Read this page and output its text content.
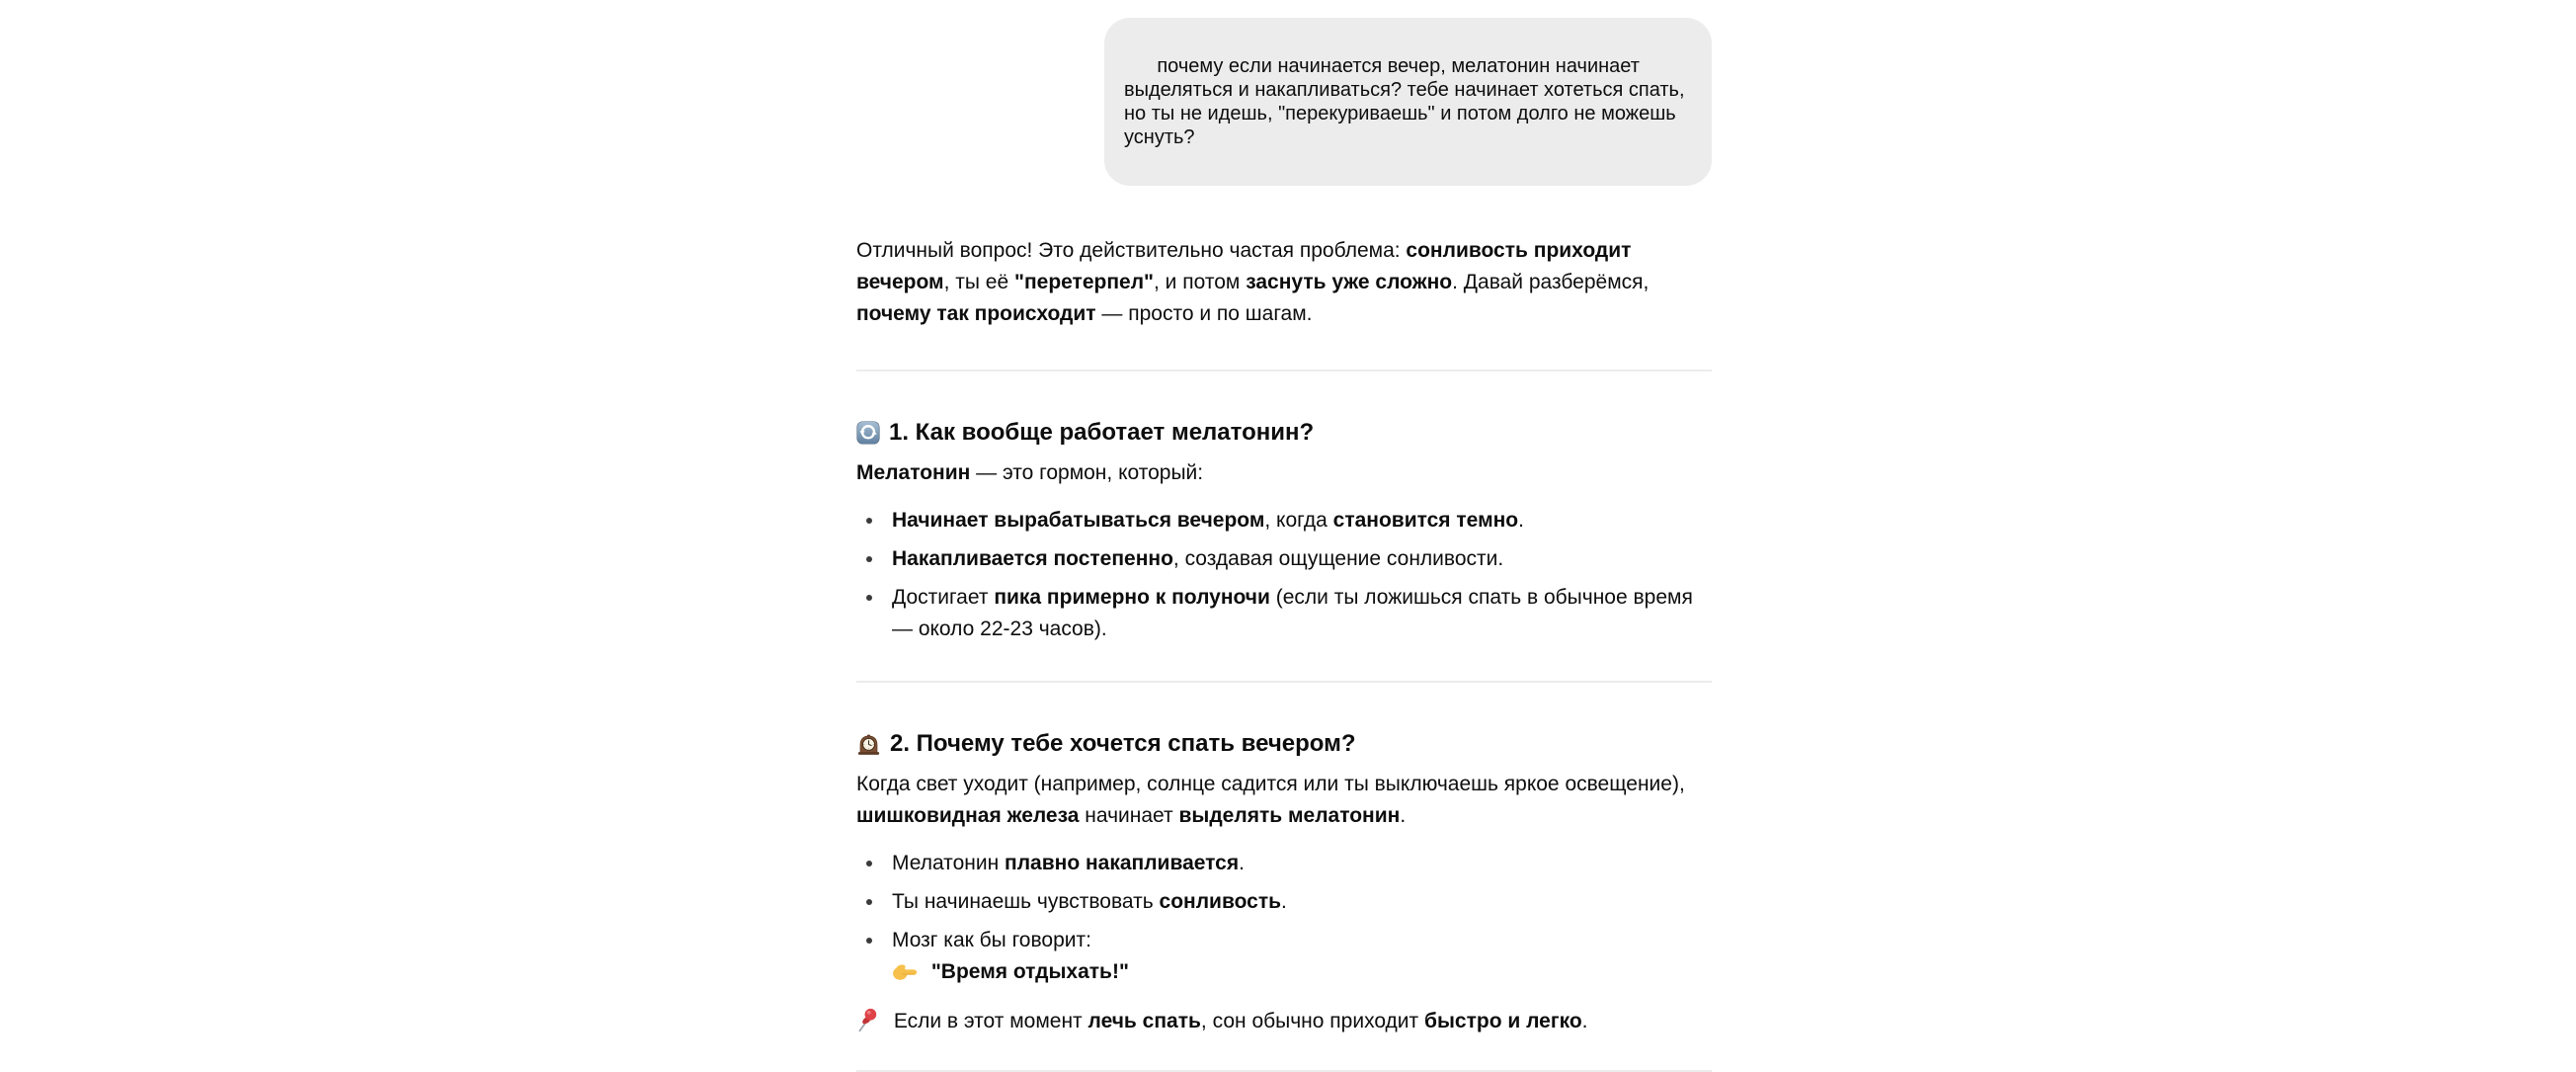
почему если начинается вечер, мелатонин начинает выделяться и накапливаться? тебе начинает хотеться спать, но ты не идешь, "перекуриваешь" и потом долго не можешь уснуть?

Отличный вопрос! Это действительно частая проблема: сонливость приходит вечером, ты её "перетерпел", и потом заснуть уже сложно. Давай разберёмся, почему так происходит — просто и по шагам.

1. Как вообще работает мелатонин?

Мелатонин — это гормон, который:

Начинает вырабатываться вечером, когда становится темно.
Накапливается постепенно, создавая ощущение сонливости.
Достигает пика примерно к полуночи (если ты ложишься спать в обычное время — около 22-23 часов).
2. Почему тебе хочется спать вечером?

Когда свет уходит (например, солнце садится или ты выключаешь яркое освещение), шишковидная железа начинает выделять мелатонин.

Мелатонин плавно накапливается.
Ты начинаешь чувствовать сонливость.
Мозг как бы говорит:
"Время отдыхать!"

Если в этот момент лечь спать, сон обычно приходит быстро и легко.
